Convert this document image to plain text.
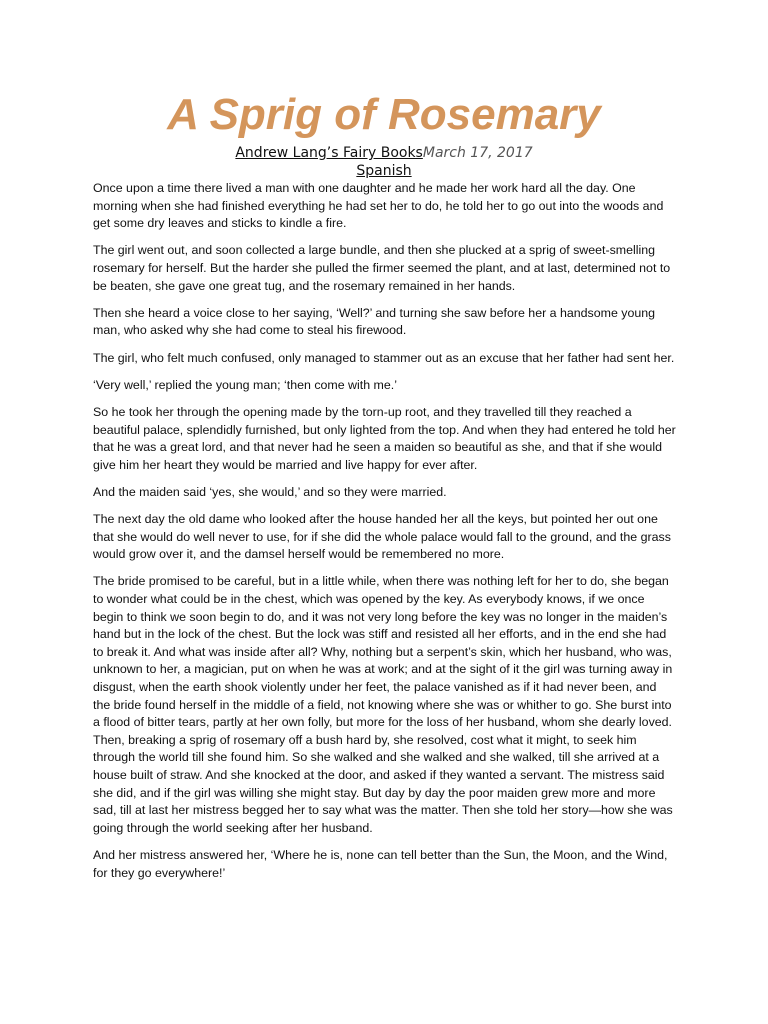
A Sprig of Rosemary
Andrew Lang’s Fairy BooksMarch 17, 2017
Spanish

Once upon a time there lived a man with one daughter and he made her work hard all the day. One morning when she had finished everything he had set her to do, he told her to go out into the woods and get some dry leaves and sticks to kindle a fire.

The girl went out, and soon collected a large bundle, and then she plucked at a sprig of sweet-smelling rosemary for herself. But the harder she pulled the firmer seemed the plant, and at last, determined not to be beaten, she gave one great tug, and the rosemary remained in her hands.

Then she heard a voice close to her saying, ‘Well?’ and turning she saw before her a handsome young man, who asked why she had come to steal his firewood.

The girl, who felt much confused, only managed to stammer out as an excuse that her father had sent her.

‘Very well,’ replied the young man; ‘then come with me.’

So he took her through the opening made by the torn-up root, and they travelled till they reached a beautiful palace, splendidly furnished, but only lighted from the top. And when they had entered he told her that he was a great lord, and that never had he seen a maiden so beautiful as she, and that if she would give him her heart they would be married and live happy for ever after.

And the maiden said ‘yes, she would,’ and so they were married.

The next day the old dame who looked after the house handed her all the keys, but pointed her out one that she would do well never to use, for if she did the whole palace would fall to the ground, and the grass would grow over it, and the damsel herself would be remembered no more.

The bride promised to be careful, but in a little while, when there was nothing left for her to do, she began to wonder what could be in the chest, which was opened by the key. As everybody knows, if we once begin to think we soon begin to do, and it was not very long before the key was no longer in the maiden’s hand but in the lock of the chest. But the lock was stiff and resisted all her efforts, and in the end she had to break it. And what was inside after all? Why, nothing but a serpent’s skin, which her husband, who was, unknown to her, a magician, put on when he was at work; and at the sight of it the girl was turning away in disgust, when the earth shook violently under her feet, the palace vanished as if it had never been, and the bride found herself in the middle of a field, not knowing where she was or whither to go. She burst into a flood of bitter tears, partly at her own folly, but more for the loss of her husband, whom she dearly loved. Then, breaking a sprig of rosemary off a bush hard by, she resolved, cost what it might, to seek him through the world till she found him. So she walked and she walked and she walked, till she arrived at a house built of straw. And she knocked at the door, and asked if they wanted a servant. The mistress said she did, and if the girl was willing she might stay. But day by day the poor maiden grew more and more sad, till at last her mistress begged her to say what was the matter. Then she told her story—how she was going through the world seeking after her husband.

And her mistress answered her, ‘Where he is, none can tell better than the Sun, the Moon, and the Wind, for they go everywhere!’
